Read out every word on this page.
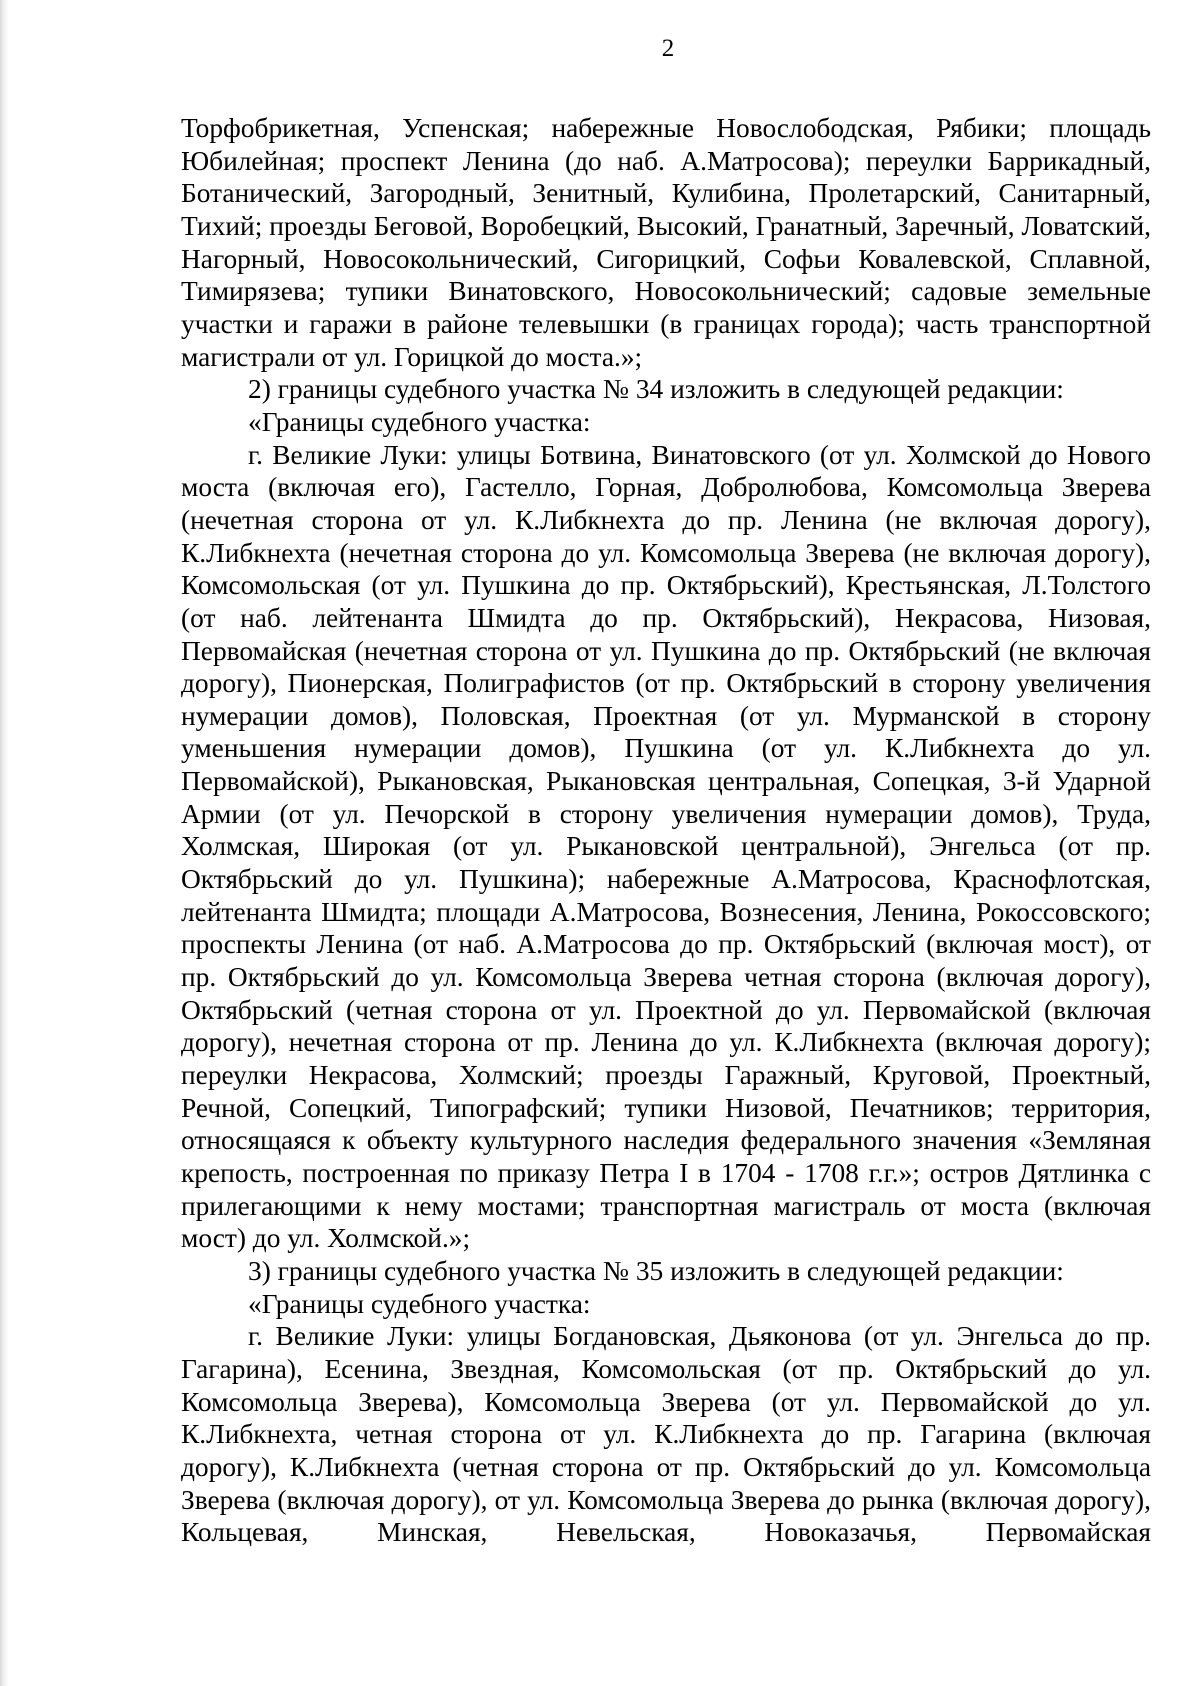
2

Торфобрикетная, Успенская; набережные Новослободская, Рябики; площадь Юбилейная; проспект Ленина (до наб. А.Матросова); переулки Баррикадный, Ботанический, Загородный, Зенитный, Кулибина, Пролетарский, Санитарный, Тихий; проезды Беговой, Воробецкий, Высокий, Гранатный, Заречный, Ловатский, Нагорный, Новосокольнический, Сигорицкий, Софьи Ковалевской, Сплавной, Тимирязева; тупики Винатовского, Новосокольнический; садовые земельные участки и гаражи в районе телевышки (в границах города); часть транспортной магистрали от ул. Горицкой до моста.»;

2) границы судебного участка № 34 изложить в следующей редакции:

«Границы судебного участка:

г. Великие Луки: улицы Ботвина, Винатовского (от ул. Холмской до Нового моста (включая его), Гастелло, Горная, Добролюбова, Комсомольца Зверева (нечетная сторона от ул. К.Либкнехта до пр. Ленина (не включая дорогу), К.Либкнехта (нечетная сторона до ул. Комсомольца Зверева (не включая дорогу), Комсомольская (от ул. Пушкина до пр. Октябрьский), Крестьянская, Л.Толстого (от наб. лейтенанта Шмидта до пр. Октябрьский), Некрасова, Низовая, Первомайская (нечетная сторона от ул. Пушкина до пр. Октябрьский (не включая дорогу), Пионерская, Полиграфистов (от пр. Октябрьский в сторону увеличения нумерации домов), Половская, Проектная (от ул. Мурманской в сторону уменьшения нумерации домов), Пушкина (от ул. К.Либкнехта до ул. Первомайской), Рыкановская, Рыкановская центральная, Сопецкая, 3-й Ударной Армии (от ул. Печорской в сторону увеличения нумерации домов), Труда, Холмская, Широкая (от ул. Рыкановской центральной), Энгельса (от пр. Октябрьский до ул. Пушкина); набережные А.Матросова, Краснофлотская, лейтенанта Шмидта; площади А.Матросова, Вознесения, Ленина, Рокоссовского; проспекты Ленина (от наб. А.Матросова до пр. Октябрьский (включая мост), от пр. Октябрьский до ул. Комсомольца Зверева четная сторона (включая дорогу), Октябрьский (четная сторона от ул. Проектной до ул. Первомайской (включая дорогу), нечетная сторона от пр. Ленина до ул. К.Либкнехта (включая дорогу); переулки Некрасова, Холмский; проезды Гаражный, Круговой, Проектный, Речной, Сопецкий, Типографский; тупики Низовой, Печатников; территория, относящаяся к объекту культурного наследия федерального значения «Земляная крепость, построенная по приказу Петра I в 1704 - 1708 г.г.»; остров Дятлинка с прилегающими к нему мостами; транспортная магистраль от моста (включая мост) до ул. Холмской.»;

3) границы судебного участка № 35 изложить в следующей редакции:

«Границы судебного участка:

г. Великие Луки: улицы Богдановская, Дьяконова (от ул. Энгельса до пр. Гагарина), Есенина, Звездная, Комсомольская (от пр. Октябрьский до ул. Комсомольца Зверева), Комсомольца Зверева (от ул. Первомайской до ул. К.Либкнехта, четная сторона от ул. К.Либкнехта до пр. Гагарина (включая дорогу), К.Либкнехта (четная сторона от пр. Октябрьский до ул. Комсомольца Зверева (включая дорогу), от ул. Комсомольца Зверева до рынка (включая дорогу), Кольцевая, Минская, Невельская, Новоказачья, Первомайская
